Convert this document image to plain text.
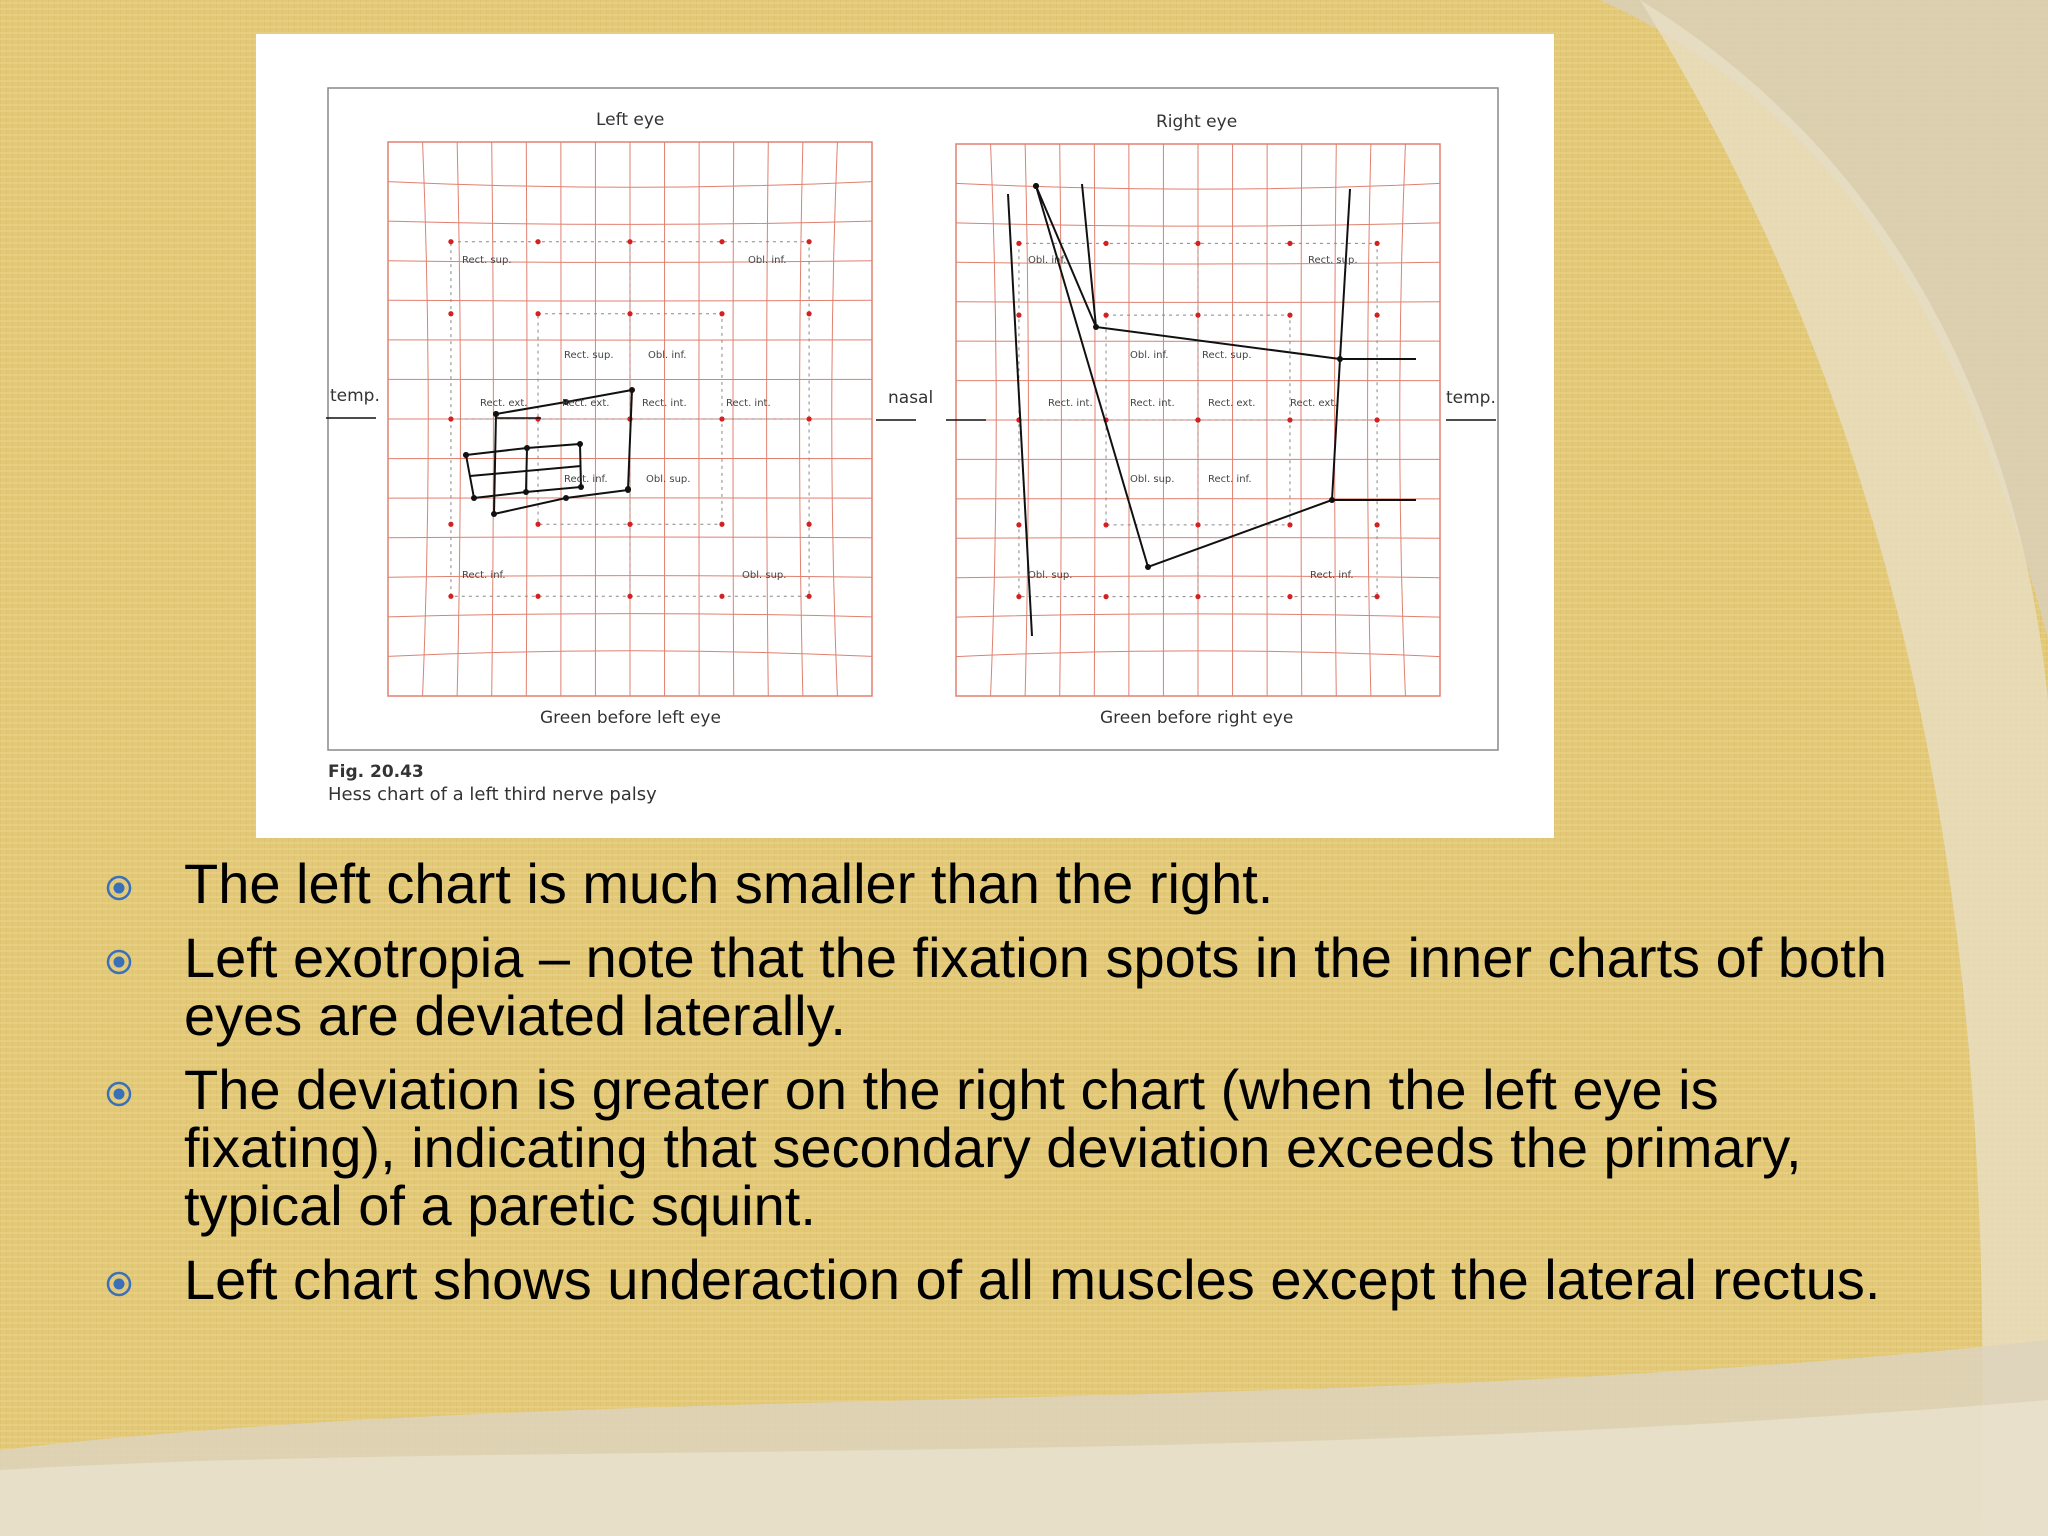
Left eye	Right eye
temp.	nasal	temp.
Green before left eye	Green before right eye
Rect. sup.	Obl. inf.
Rect. sup.	Obl. inf.
Rect. ext.	Rect. ext.	Rect. int.	Rect. int.
Rect. inf.	Obl. sup.
Rect. inf.	Obl. sup.
Obl. inf.	Rect. sup.
Obl. inf.	Rect. sup.
Rect. int.	Rect. int.	Rect. ext.	Rect. ext.
Obl. sup.	Rect. inf.
Obl. sup.	Rect. inf.
Fig. 20.43
Hess chart of a left third nerve palsy
The left chart is much smaller than the right.
Left exotropia – note that the fixation spots in the inner charts of both eyes are deviated laterally.
The deviation is greater on the right chart (when the left eye is fixating), indicating that secondary deviation exceeds the primary, typical of a paretic squint.
Left chart shows underaction of all muscles except the lateral rectus.
